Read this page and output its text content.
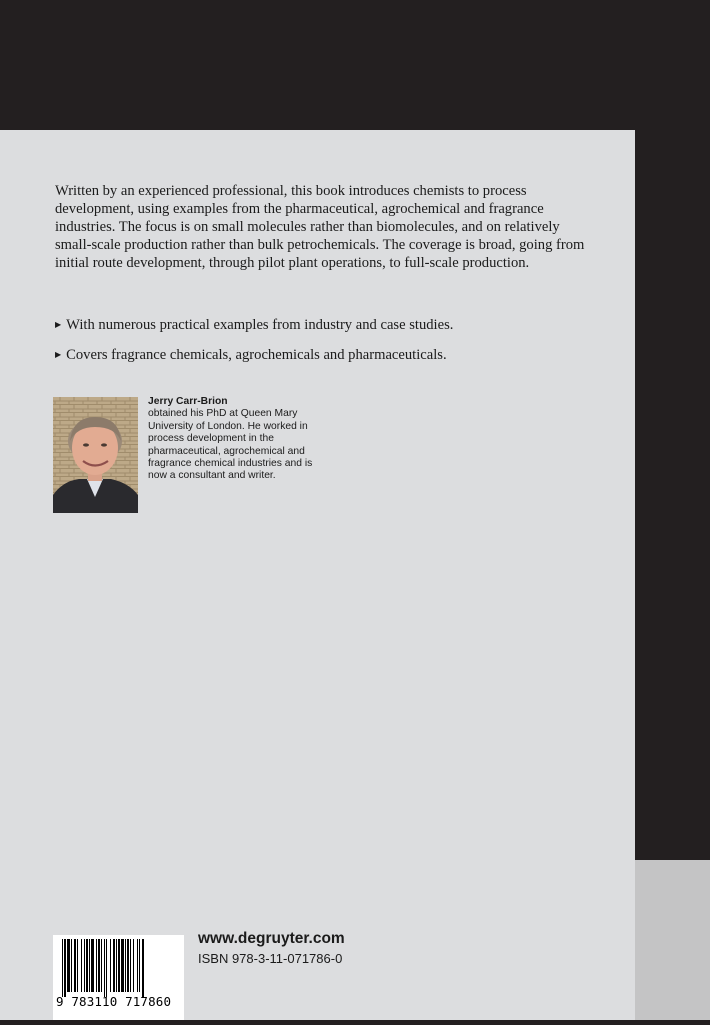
Written by an experienced professional, this book introduces chemists to process development, using examples from the pharmaceutical, agrochemical and fragrance industries. The focus is on small molecules rather than biomolecules, and on relatively small-scale production rather than bulk petrochemicals. The coverage is broad, going from initial route development, through pilot plant operations, to full-scale production.

▶ With numerous practical examples from industry and case studies.
▶ Covers fragrance chemicals, agrochemicals and pharmaceuticals.
Jerry Carr-Brion
obtained his PhD at Queen Mary University of London. He worked in process development in the pharmaceutical, agrochemical and fragrance chemical industries and is now a consultant and writer.
9 783110 717860
www.degruyter.com
ISBN 978-3-11-071786-0
